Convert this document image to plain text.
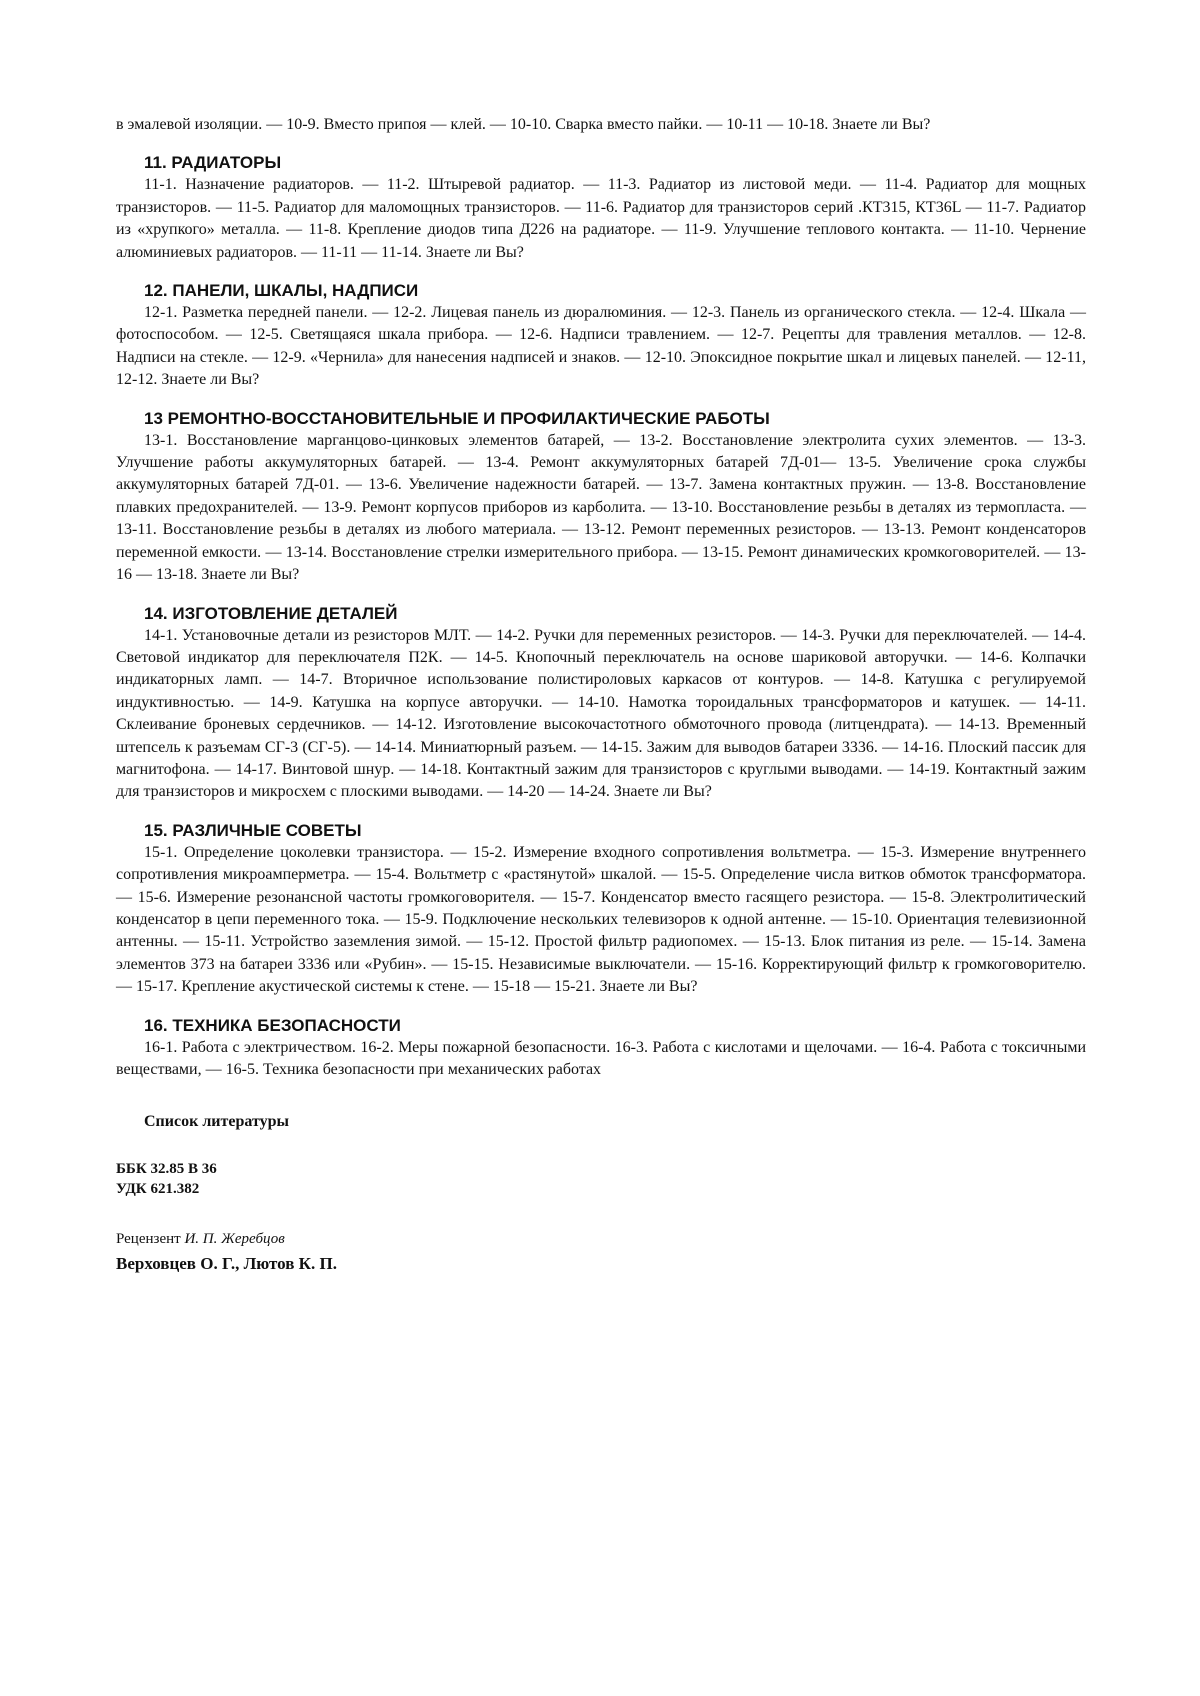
в эмалевой изоляции. — 10-9. Вместо припоя — клей. — 10-10. Сварка вместо пайки. — 10-11 — 10-18. Знаете ли Вы?

11. РАДИАТОРЫ

11-1. Назначение радиаторов. — 11-2. Штыревой радиатор. — 11-3. Радиатор из листовой меди. — 11-4. Радиатор для мощных транзисторов. — 11-5. Радиатор для маломощных транзисторов. — 11-6. Радиатор для транзисторов серий .КТ315, КТ36L — 11-7. Радиатор из «хрупкого» металла. — 11-8. Крепление диодов типа Д226 на радиаторе. — 11-9. Улучшение теплового контакта. — 11-10. Чернение алюминиевых радиаторов. — 11-11 — 11-14. Знаете ли Вы?

12. ПАНЕЛИ, ШКАЛЫ, НАДПИСИ

12-1. Разметка передней панели. — 12-2. Лицевая панель из дюралюминия. — 12-3. Панель из органического стекла. — 12-4. Шкала — фотоспособом. — 12-5. Светящаяся шкала прибора. — 12-6. Надписи травлением. — 12-7. Рецепты для травления металлов. — 12-8. Надписи на стекле. — 12-9. «Чернила» для нанесения надписей и знаков. — 12-10. Эпоксидное покрытие шкал и лицевых панелей. — 12-11, 12-12. Знаете ли Вы?

13 РЕМОНТНО-ВОССТАНОВИТЕЛЬНЫЕ И ПРОФИЛАКТИЧЕСКИЕ РАБОТЫ

13-1. Восстановление марганцово-цинковых элементов батарей, — 13-2. Восстановление электролита сухих элементов. — 13-3. Улучшение работы аккумуляторных батарей. — 13-4. Ремонт аккумуляторных батарей 7Д-01— 13-5. Увеличение срока службы аккумуляторных батарей 7Д-01. — 13-6. Увеличение надежности батарей. — 13-7. Замена контактных пружин. — 13-8. Восстановление плавких предохранителей. — 13-9. Ремонт корпусов приборов из карболита. — 13-10. Восстановление резьбы в деталях из термопласта. — 13-11. Восстановление резьбы в деталях из любого материала. — 13-12. Ремонт переменных резисторов. — 13-13. Ремонт конденсаторов переменной емкости. — 13-14. Восстановление стрелки измерительного прибора. — 13-15. Ремонт динамических кромкоговорителей. — 13-16 — 13-18. Знаете ли Вы?

14. ИЗГОТОВЛЕНИЕ ДЕТАЛЕЙ

14-1. Установочные детали из резисторов МЛТ. — 14-2. Ручки для переменных резисторов. — 14-3. Ручки для переключателей. — 14-4. Световой индикатор для переключателя П2К. — 14-5. Кнопочный переключатель на основе шариковой авторучки. — 14-6. Колпачки индикаторных ламп. — 14-7. Вторичное использование полистироловых каркасов от контуров. — 14-8. Катушка с регулируемой индуктивностью. — 14-9. Катушка на корпусе авторучки. — 14-10. Намотка тороидальных трансформаторов и катушек. — 14-11. Склеивание броневых сердечников. — 14-12. Изготовление высокочастотного обмоточного провода (литцендрата). — 14-13. Временный штепсель к разъемам СГ-3 (СГ-5). — 14-14. Миниатюрный разъем. — 14-15. Зажим для выводов батареи 3336. — 14-16. Плоский пассик для магнитофона. — 14-17. Винтовой шнур. — 14-18. Контактный зажим для транзисторов с круглыми выводами. — 14-19. Контактный зажим для транзисторов и микросхем с плоскими выводами. — 14-20 — 14-24. Знаете ли Вы?

15. РАЗЛИЧНЫЕ СОВЕТЫ

15-1. Определение цоколевки транзистора. — 15-2. Измерение входного сопротивления вольтметра. — 15-3. Измерение внутреннего сопротивления микроамперметра. — 15-4. Вольтметр с «растянутой» шкалой. — 15-5. Определение числа витков обмоток трансформатора. — 15-6. Измерение резонансной частоты громкоговорителя. — 15-7. Конденсатор вместо гасящего резистора. — 15-8. Электролитический конденсатор в цепи переменного тока. — 15-9. Подключение нескольких телевизоров к одной антенне. — 15-10. Ориентация телевизионной антенны. — 15-11. Устройство заземления зимой. — 15-12. Простой фильтр радиопомех. — 15-13. Блок питания из реле. — 15-14. Замена элементов 373 на батареи 3336 или «Рубин». — 15-15. Независимые выключатели. — 15-16. Корректирующий фильтр к громкоговорителю. — 15-17. Крепление акустической системы к стене. — 15-18 — 15-21. Знаете ли Вы?

16. ТЕХНИКА БЕЗОПАСНОСТИ

16-1. Работа с электричеством. 16-2. Меры пожарной безопасности. 16-3. Работа с кислотами и щелочами. — 16-4. Работа с токсичными веществами, — 16-5. Техника безопасности при механических работах

Список литературы
ББК 32.85 В 36
УДК 621.382
Рецензент И. П. Жеребцов
Верховцев О. Г., Лютов К. П.
